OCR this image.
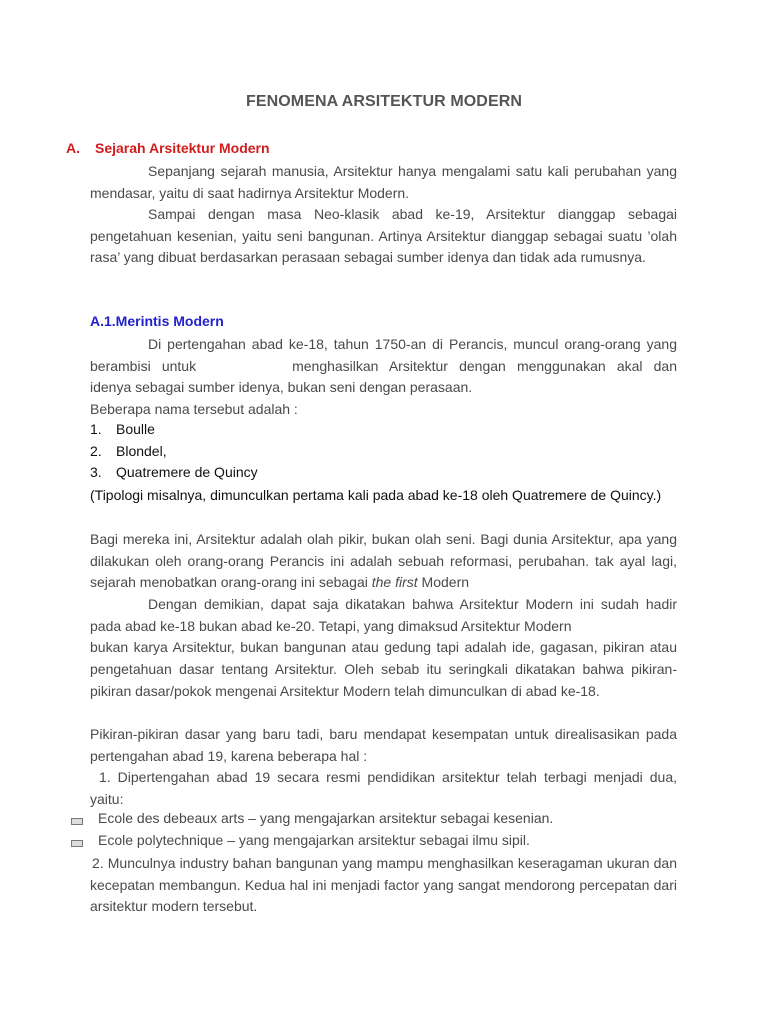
FENOMENA ARSITEKTUR MODERN
A. Sejarah Arsitektur Modern
Sepanjang sejarah manusia, Arsitektur hanya mengalami satu kali perubahan yang mendasar, yaitu di saat hadirnya Arsitektur Modern.
Sampai dengan masa Neo-klasik abad ke-19, Arsitektur dianggap sebagai pengetahuan kesenian, yaitu seni bangunan. Artinya Arsitektur dianggap sebagai suatu ’olah rasa’ yang dibuat berdasarkan perasaan sebagai sumber idenya dan tidak ada rumusnya.
A.1.Merintis Modern
Di pertengahan abad ke-18, tahun 1750-an di Perancis, muncul orang-orang yang berambisi untuk	menghasilkan Arsitektur dengan menggunakan akal dan idenya sebagai sumber idenya, bukan seni dengan perasaan.
Beberapa nama tersebut adalah :
1. Boulle
2. Blondel,
3. Quatremere de Quincy
(Tipologi misalnya, dimunculkan pertama kali pada abad ke-18 oleh Quatremere de Quincy.)
Bagi mereka ini, Arsitektur adalah olah pikir, bukan olah seni. Bagi dunia Arsitektur, apa yang dilakukan oleh orang-orang Perancis ini adalah sebuah reformasi, perubahan. tak ayal lagi, sejarah menobatkan orang-orang ini sebagai the first Modern
Dengan demikian, dapat saja dikatakan bahwa Arsitektur Modern ini sudah hadir pada abad ke-18 bukan abad ke-20. Tetapi, yang dimaksud Arsitektur Modern
bukan karya Arsitektur, bukan bangunan atau gedung tapi adalah ide, gagasan, pikiran atau pengetahuan dasar tentang Arsitektur. Oleh sebab itu seringkali dikatakan bahwa pikiran-pikiran dasar/pokok mengenai Arsitektur Modern telah dimunculkan di abad ke-18.
Pikiran-pikiran dasar yang baru tadi, baru mendapat kesempatan untuk direalisasikan pada pertengahan abad 19, karena beberapa hal :
1. Dipertengahan abad 19 secara resmi pendidikan arsitektur telah terbagi menjadi dua, yaitu:
Ecole des debeaux arts – yang mengajarkan arsitektur sebagai kesenian.
Ecole polytechnique – yang mengajarkan arsitektur sebagai ilmu sipil.
2. Munculnya industry bahan bangunan yang mampu menghasilkan keseragaman ukuran dan kecepatan membangun. Kedua hal ini menjadi factor yang sangat mendorong percepatan dari arsitektur modern tersebut.
